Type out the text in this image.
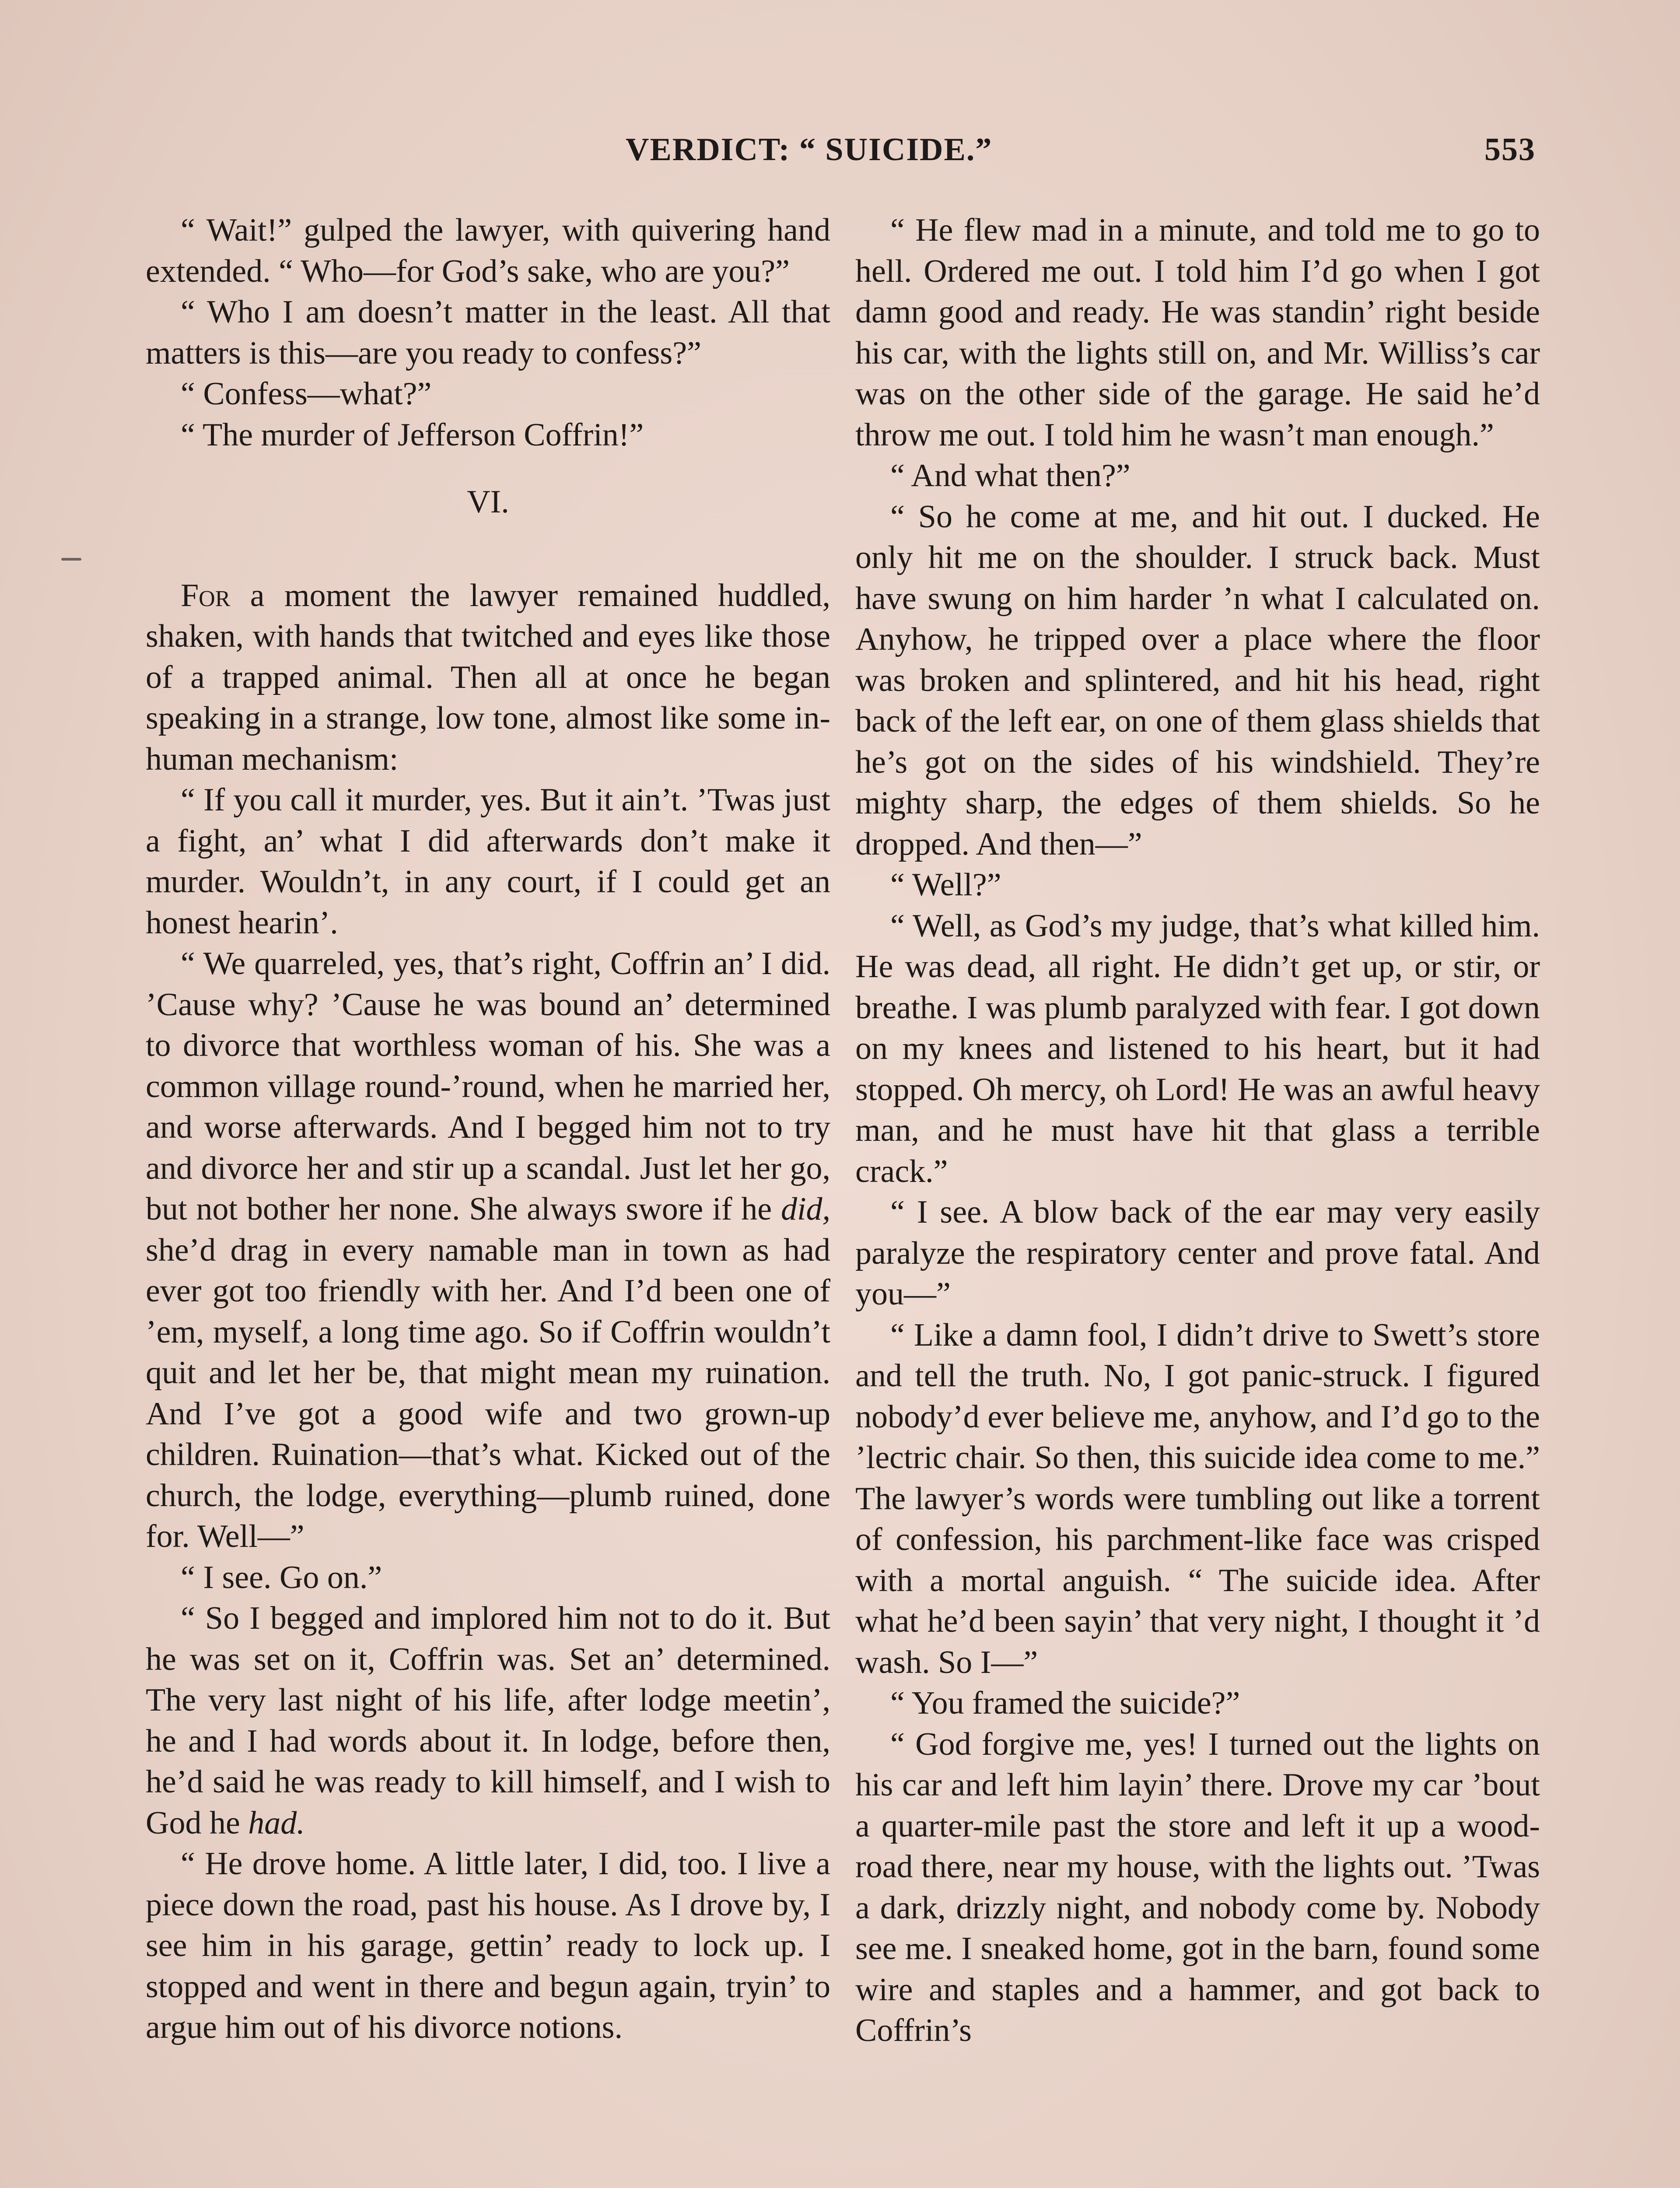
VERDICT: “ SUICIDE.”	553

“ Wait!” gulped the lawyer, with quivering hand extended. “ Who—for God’s sake, who are you?”

“ Who I am doesn’t matter in the least. All that matters is this—are you ready to confess?”

“ Confess—what?”

“ The murder of Jefferson Coffrin!”

VI.

For a moment the lawyer remained huddled, shaken, with hands that twitched and eyes like those of a trapped animal. Then all at once he began speaking in a strange, low tone, almost like some inhuman mechanism:

“ If you call it murder, yes. But it ain’t. ’Twas just a fight, an’ what I did afterwards don’t make it murder. Wouldn’t, in any court, if I could get an honest hearin’.

“ We quarreled, yes, that’s right, Coffrin an’ I did. ’Cause why? ’Cause he was bound an’ determined to divorce that worthless woman of his. She was a common village round-’round, when he married her, and worse afterwards. And I begged him not to try and divorce her and stir up a scandal. Just let her go, but not bother her none. She always swore if he did, she’d drag in every namable man in town as had ever got too friendly with her. And I’d been one of ’em, myself, a long time ago. So if Coffrin wouldn’t quit and let her be, that might mean my ruination. And I’ve got a good wife and two grown-up children. Ruination—that’s what. Kicked out of the church, the lodge, everything—plumb ruined, done for. Well—”

“ I see. Go on.”

“ So I begged and implored him not to do it. But he was set on it, Coffrin was. Set an’ determined. The very last night of his life, after lodge meetin’, he and I had words about it. In lodge, before then, he’d said he was ready to kill himself, and I wish to God he had.

“ He drove home. A little later, I did, too. I live a piece down the road, past his house. As I drove by, I see him in his garage, gettin’ ready to lock up. I stopped and went in there and begun again, tryin’ to argue him out of his divorce notions.

“ He flew mad in a minute, and told me to go to hell. Ordered me out. I told him I’d go when I got damn good and ready. He was standin’ right beside his car, with the lights still on, and Mr. Williss’s car was on the other side of the garage. He said he’d throw me out. I told him he wasn’t man enough.”

“ And what then?”

“ So he come at me, and hit out. I ducked. He only hit me on the shoulder. I struck back. Must have swung on him harder ’n what I calculated on. Anyhow, he tripped over a place where the floor was broken and splintered, and hit his head, right back of the left ear, on one of them glass shields that he’s got on the sides of his windshield. They’re mighty sharp, the edges of them shields. So he dropped. And then—”

“ Well?”

“ Well, as God’s my judge, that’s what killed him. He was dead, all right. He didn’t get up, or stir, or breathe. I was plumb paralyzed with fear. I got down on my knees and listened to his heart, but it had stopped. Oh mercy, oh Lord! He was an awful heavy man, and he must have hit that glass a terrible crack.”

“ I see. A blow back of the ear may very easily paralyze the respiratory center and prove fatal. And you—”

“ Like a damn fool, I didn’t drive to Swett’s store and tell the truth. No, I got panic-struck. I figured nobody’d ever believe me, anyhow, and I’d go to the ’lectric chair. So then, this suicide idea come to me.” The lawyer’s words were tumbling out like a torrent of confession, his parchment-like face was crisped with a mortal anguish. “ The suicide idea. After what he’d been sayin’ that very night, I thought it ’d wash. So I—”

“ You framed the suicide?”

“ God forgive me, yes! I turned out the lights on his car and left him layin’ there. Drove my car ’bout a quarter-mile past the store and left it up a wood-road there, near my house, with the lights out. ’Twas a dark, drizzly night, and nobody come by. Nobody see me. I sneaked home, got in the barn, found some wire and staples and a hammer, and got back to Coffrin’s
